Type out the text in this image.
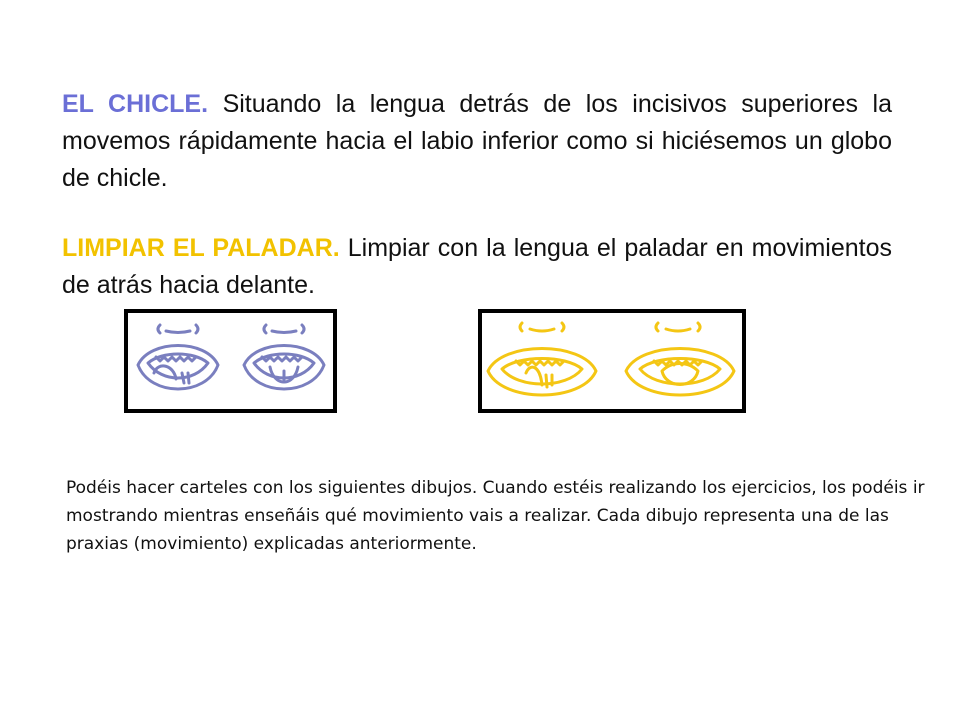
EL CHICLE. Situando la lengua detrás de los incisivos superiores la movemos rápidamente hacia el labio inferior como si hiciésemos un globo de chicle.

LIMPIAR EL PALADAR. Limpiar con la lengua el paladar en movimientos de atrás hacia delante.

Podéis hacer carteles con los siguientes dibujos. Cuando estéis realizando los ejercicios, los podéis ir mostrando mientras enseñáis qué movimiento vais a realizar. Cada dibujo representa una de las praxias (movimiento) explicadas anteriormente.
